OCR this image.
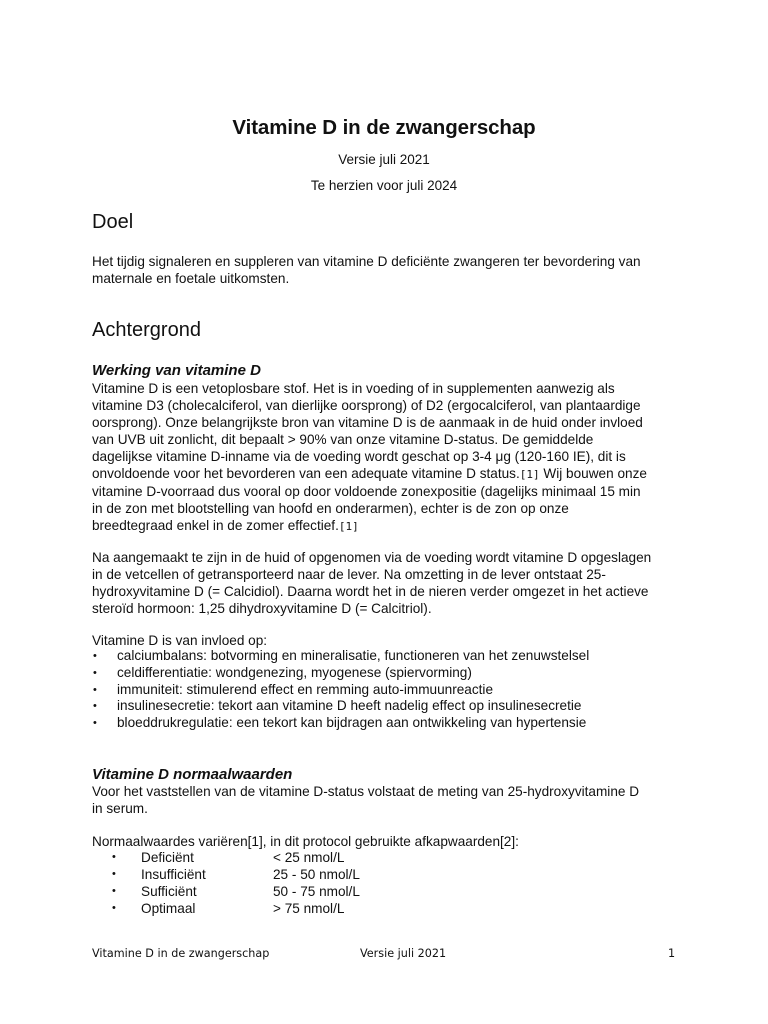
Vitamine D in de zwangerschap
Versie juli 2021
Te herzien voor juli 2024
Doel
Het tijdig signaleren en suppleren van vitamine D deficiënte zwangeren ter bevordering van
maternale en foetale uitkomsten.
Achtergrond
Werking van vitamine D
Vitamine D is een vetoplosbare stof. Het is in voeding of in supplementen aanwezig als
vitamine D3 (cholecalciferol, van dierlijke oorsprong) of D2 (ergocalciferol, van plantaardige
oorsprong). Onze belangrijkste bron van vitamine D is de aanmaak in de huid onder invloed
van UVB uit zonlicht, dit bepaalt > 90% van onze vitamine D-status. De gemiddelde
dagelijkse vitamine D-inname via de voeding wordt geschat op 3-4 μg (120-160 IE), dit is
onvoldoende voor het bevorderen van een adequate vitamine D status.[1] Wij bouwen onze
vitamine D-voorraad dus vooral op door voldoende zonexpositie (dagelijks minimaal 15 min
in de zon met blootstelling van hoofd en onderarmen), echter is de zon op onze
breedtegraad enkel in de zomer effectief.[1]
Na aangemaakt te zijn in de huid of opgenomen via de voeding wordt vitamine D opgeslagen
in de vetcellen of getransporteerd naar de lever. Na omzetting in de lever ontstaat 25-
hydroxyvitamine D (= Calcidiol). Daarna wordt het in de nieren verder omgezet in het actieve
steroïd hormoon: 1,25 dihydroxyvitamine D (= Calcitriol).
Vitamine D is van invloed op:
• calciumbalans: botvorming en mineralisatie, functioneren van het zenuwstelsel
• celdifferentiatie: wondgenezing, myogenese (spiervorming)
• immuniteit: stimulerend effect en remming auto-immuunreactie
• insulinesecretie: tekort aan vitamine D heeft nadelig effect op insulinesecretie
• bloeddrukregulatie: een tekort kan bijdragen aan ontwikkeling van hypertensie
Vitamine D normaalwaarden
Voor het vaststellen van de vitamine D-status volstaat de meting van 25-hydroxyvitamine D
in serum.
Normaalwaardes variëren[1], in dit protocol gebruikte afkapwaarden[2]:
•	Deficiënt	< 25 nmol/L
•	Insufficiënt	25 - 50 nmol/L
•	Sufficiënt	50 - 75 nmol/L
•	Optimaal	> 75 nmol/L
Vitamine D in de zwangerschap	Versie juli 2021	1
